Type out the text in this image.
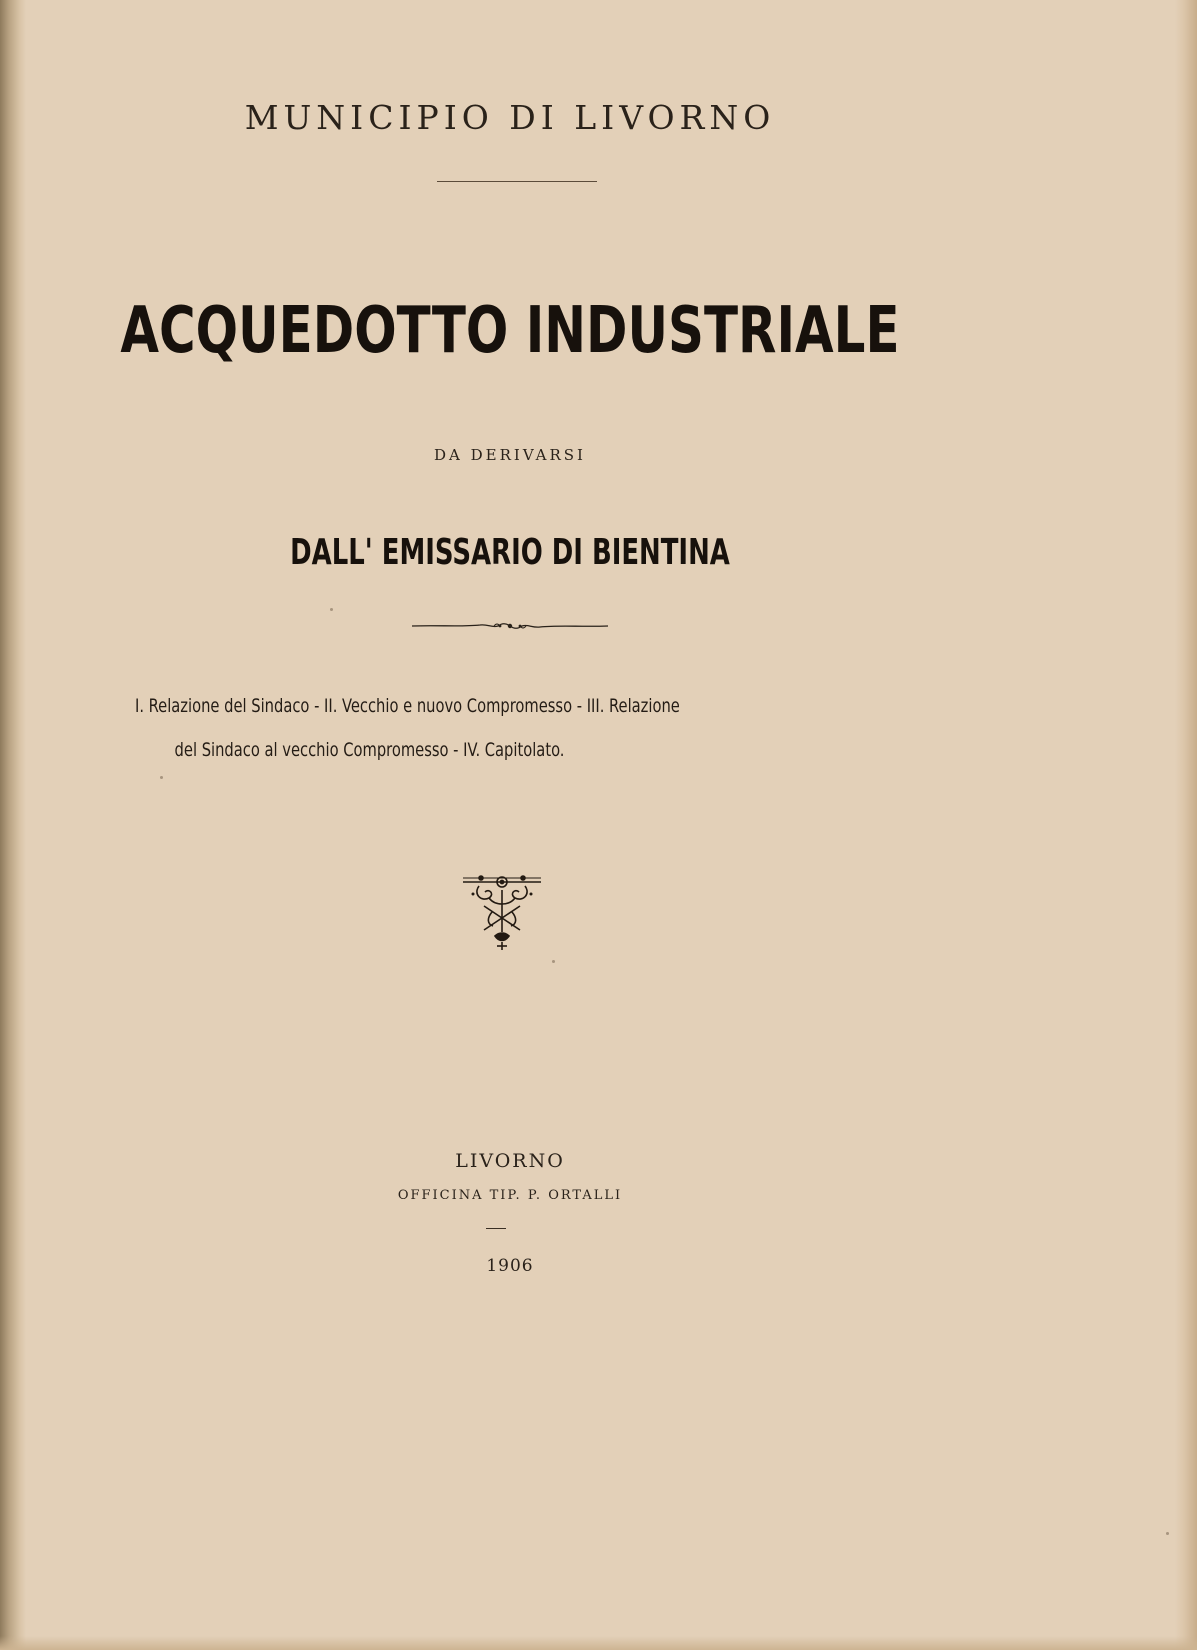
MUNICIPIO DI LIVORNO
ACQUEDOTTO INDUSTRIALE
DA DERIVARSI
DALL' EMISSARIO DI BIENTINA
I. Relazione del Sindaco - II. Vecchio e nuovo Compromesso - III. Relazione
del Sindaco al vecchio Compromesso - IV. Capitolato.
LIVORNO
OFFICINA TIP. P. ORTALLI
1906
